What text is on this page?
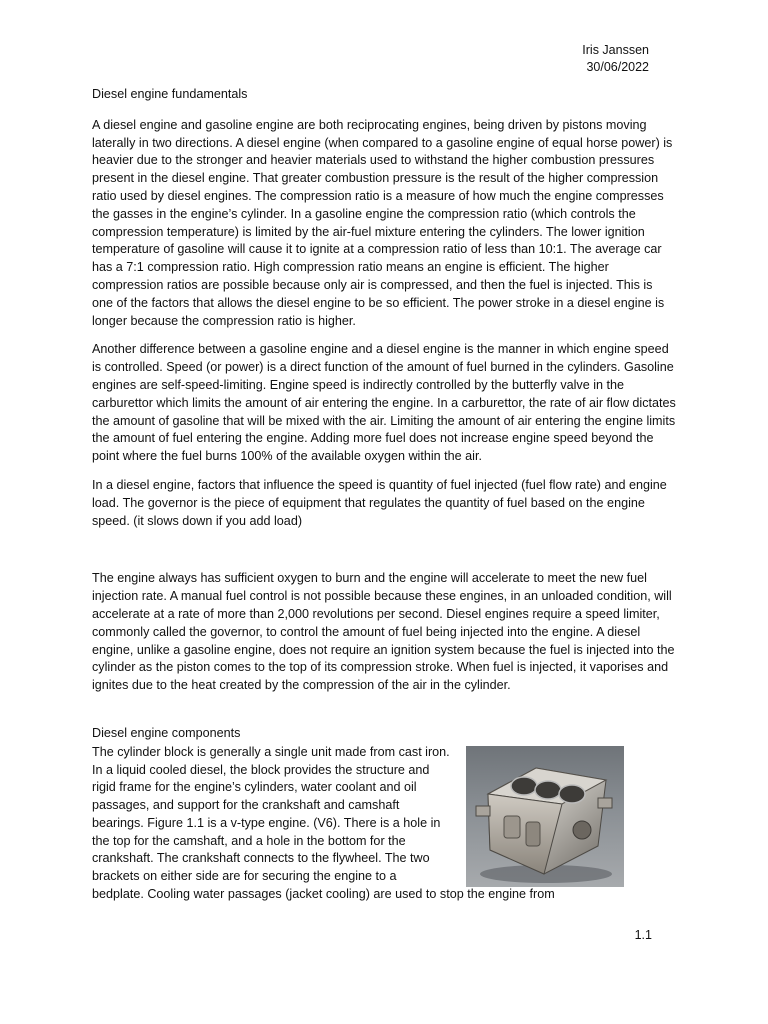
Iris Janssen
30/06/2022
Diesel engine fundamentals

A diesel engine and gasoline engine are both reciprocating engines, being driven by pistons moving laterally in two directions. A diesel engine (when compared to a gasoline engine of equal horse power) is heavier due to the stronger and heavier materials used to withstand the higher combustion pressures present in the diesel engine. That greater combustion pressure is the result of the higher compression ratio used by diesel engines. The compression ratio is a measure of how much the engine compresses the gasses in the engine’s cylinder. In a gasoline engine the compression ratio (which controls the compression temperature) is limited by the air-fuel mixture entering the cylinders. The lower ignition temperature of gasoline will cause it to ignite at a compression ratio of less than 10:1. The average car has a 7:1 compression ratio. High compression ratio means an engine is efficient. The higher compression ratios are possible because only air is compressed, and then the fuel is injected. This is one of the factors that allows the diesel engine to be so efficient. The power stroke in a diesel engine is longer because the compression ratio is higher.

Another difference between a gasoline engine and a diesel engine is the manner in which engine speed is controlled. Speed (or power) is a direct function of the amount of fuel burned in the cylinders. Gasoline engines are self-speed-limiting. Engine speed is indirectly controlled by the butterfly valve in the carburettor which limits the amount of air entering the engine. In a carburettor, the rate of air flow dictates the amount of gasoline that will be mixed with the air. Limiting the amount of air entering the engine limits the amount of fuel entering the engine. Adding more fuel does not increase engine speed beyond the point where the fuel burns 100% of the available oxygen within the air.

In a diesel engine, factors that influence the speed is quantity of fuel injected (fuel flow rate) and engine load. The governor is the piece of equipment that regulates the quantity of fuel based on the engine speed. (it slows down if you add load)

The engine always has sufficient oxygen to burn and the engine will accelerate to meet the new fuel injection rate. A manual fuel control is not possible because these engines, in an unloaded condition, will accelerate at a rate of more than 2,000 revolutions per second. Diesel engines require a speed limiter, commonly called the governor, to control the amount of fuel being injected into the engine. A diesel engine, unlike a gasoline engine, does not require an ignition system because the fuel is injected into the cylinder as the piston comes to the top of its compression stroke. When fuel is injected, it vaporises and ignites due to the heat created by the compression of the air in the cylinder.

Diesel engine components
The cylinder block is generally a single unit made from cast iron. In a liquid cooled diesel, the block provides the structure and rigid frame for the engine’s cylinders, water coolant and oil passages, and support for the crankshaft and camshaft bearings. Figure 1.1 is a v-type engine. (V6). There is a hole in the top for the camshaft, and a hole in the bottom for the crankshaft. The crankshaft connects to the flywheel. The two brackets on either side are for securing the engine to a
bedplate. Cooling water passages (jacket cooling) are used to stop the engine from
1.1
